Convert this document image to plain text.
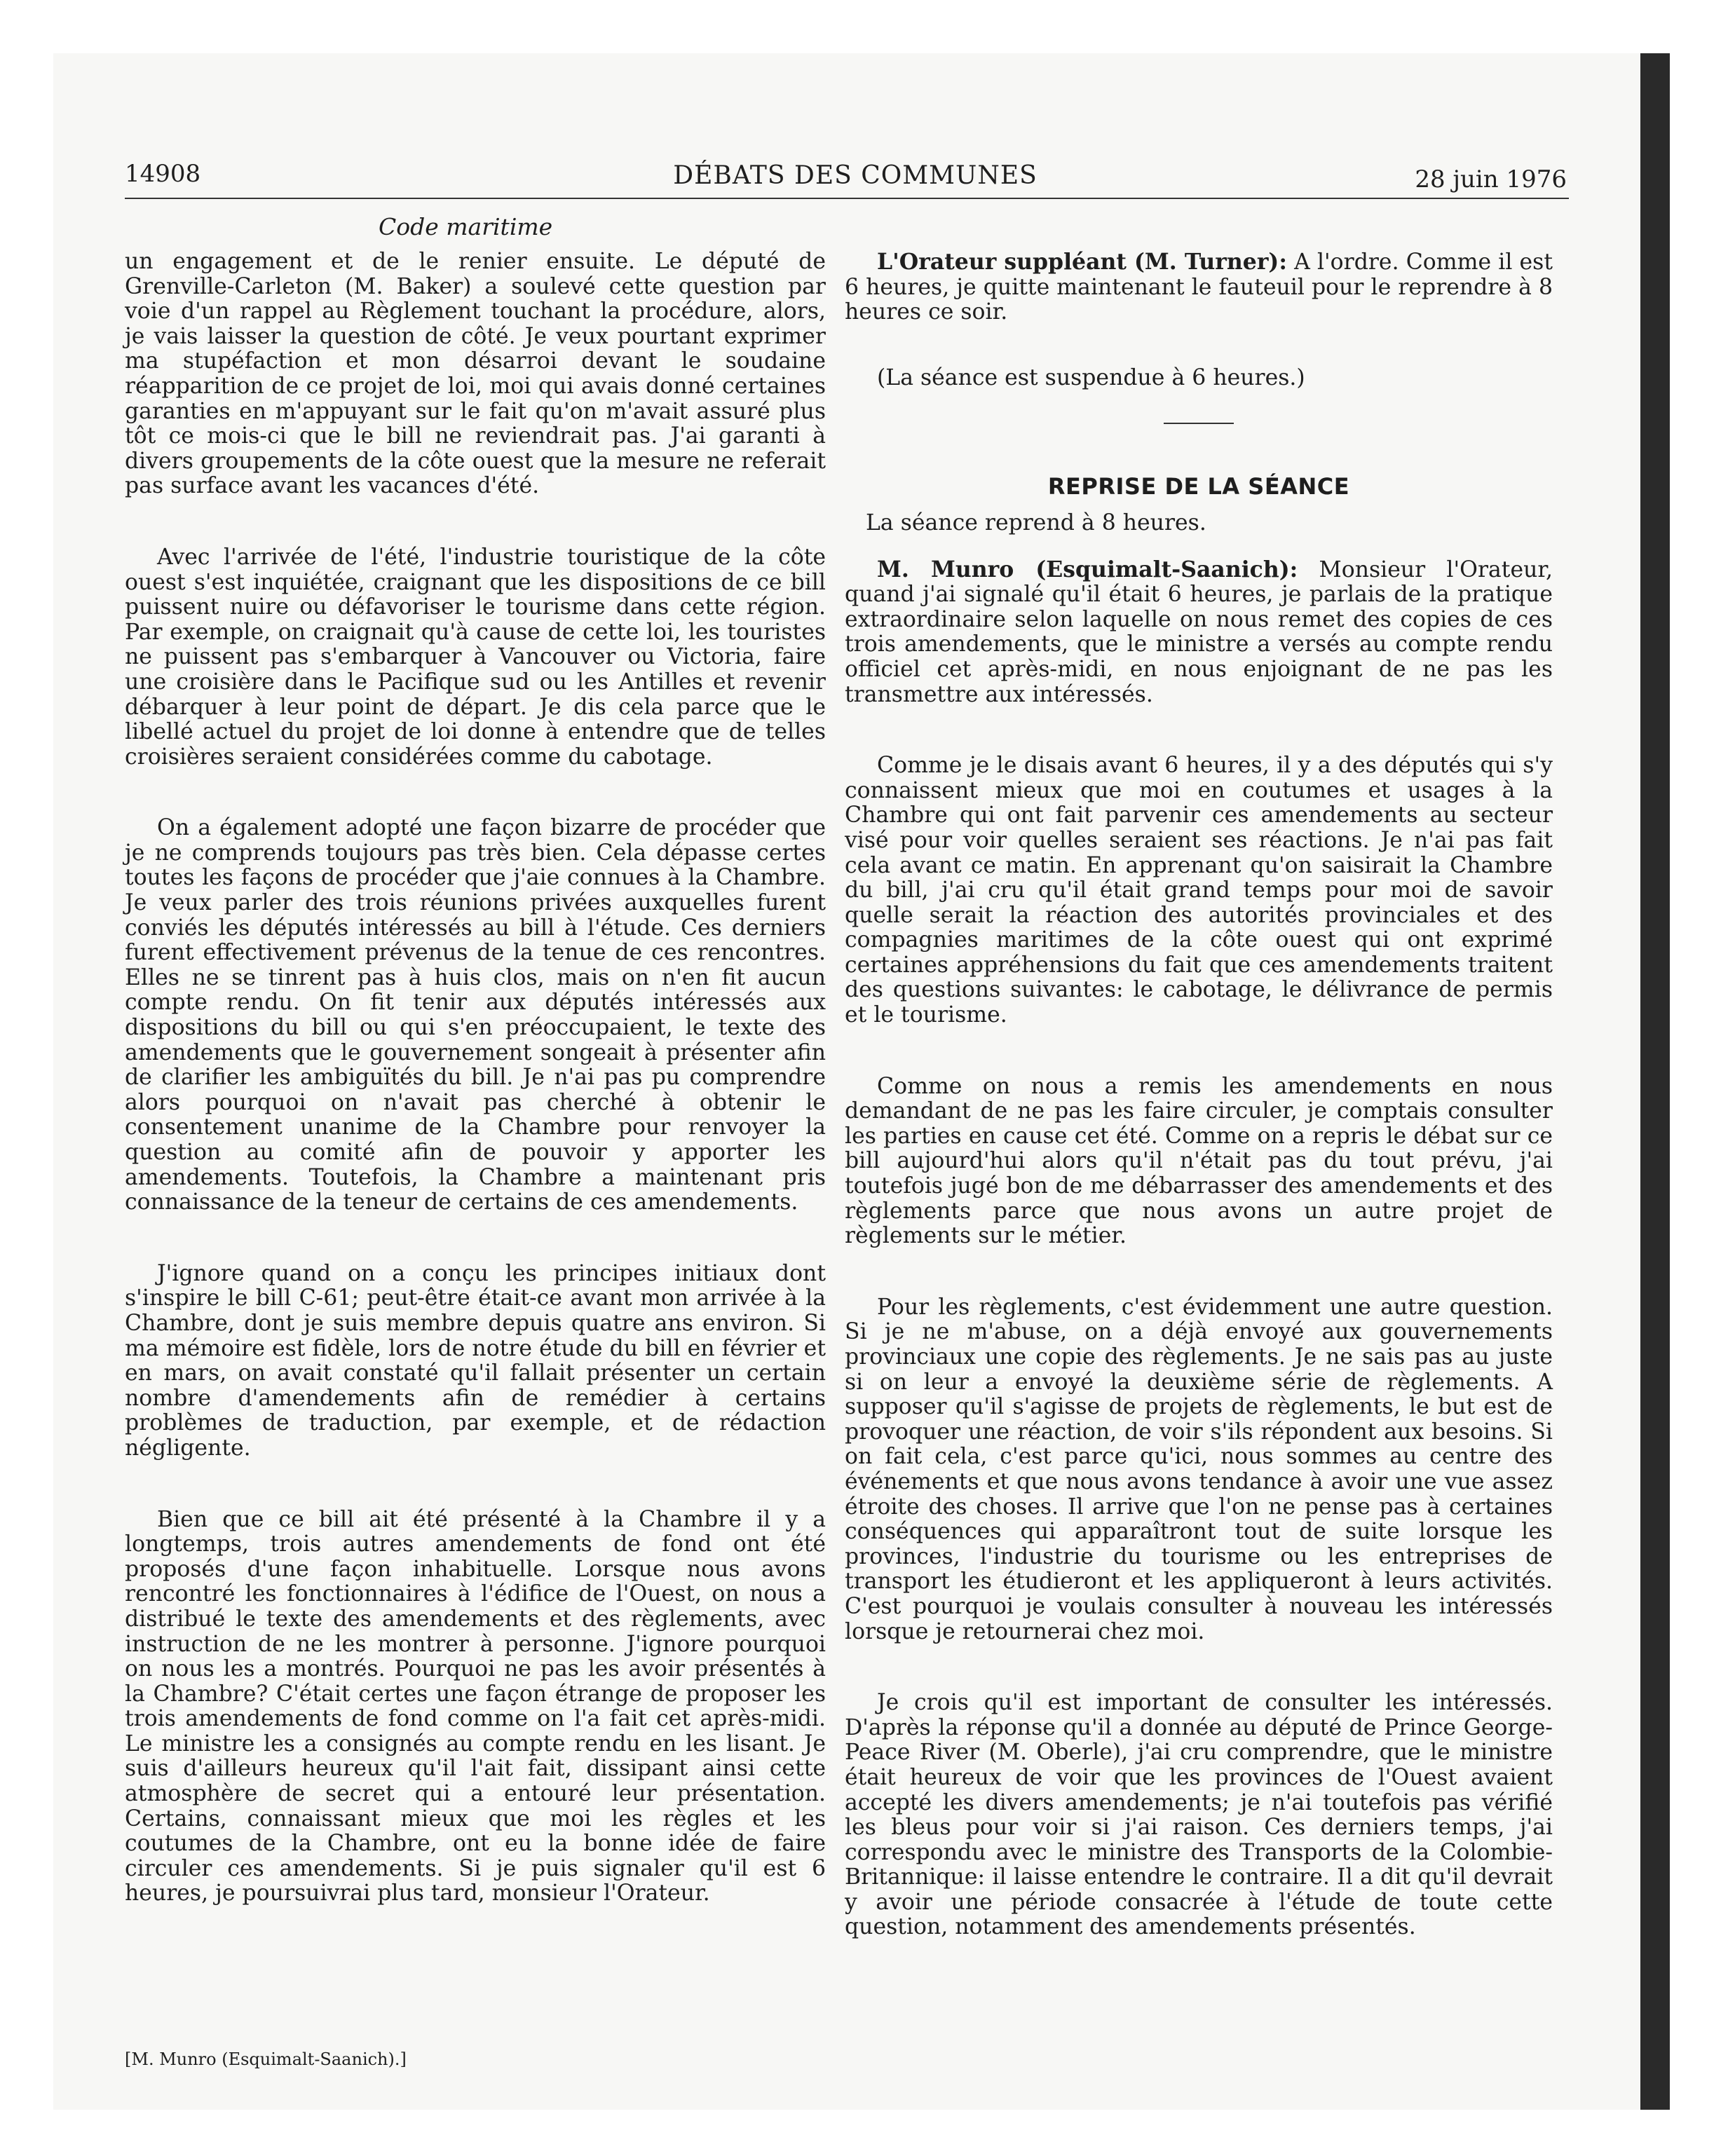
14908	DÉBATS DES COMMUNES	28 juin 1976
Code maritime

un engagement et de le renier ensuite. Le député de Grenville-Carleton (M. Baker) a soulevé cette question par voie d'un rappel au Règlement touchant la procédure, alors, je vais laisser la question de côté. Je veux pourtant exprimer ma stupéfaction et mon désarroi devant le soudaine réapparition de ce projet de loi, moi qui avais donné certaines garanties en m'appuyant sur le fait qu'on m'avait assuré plus tôt ce mois-ci que le bill ne reviendrait pas. J'ai garanti à divers groupements de la côte ouest que la mesure ne referait pas surface avant les vacances d'été.

Avec l'arrivée de l'été, l'industrie touristique de la côte ouest s'est inquiétée, craignant que les dispositions de ce bill puissent nuire ou défavoriser le tourisme dans cette région. Par exemple, on craignait qu'à cause de cette loi, les touristes ne puissent pas s'embarquer à Vancouver ou Victoria, faire une croisière dans le Pacifique sud ou les Antilles et revenir débarquer à leur point de départ. Je dis cela parce que le libellé actuel du projet de loi donne à entendre que de telles croisières seraient considérées comme du cabotage.

On a également adopté une façon bizarre de procéder que je ne comprends toujours pas très bien. Cela dépasse certes toutes les façons de procéder que j'aie connues à la Chambre. Je veux parler des trois réunions privées auxquelles furent conviés les députés intéressés au bill à l'étude. Ces derniers furent effectivement prévenus de la tenue de ces rencontres. Elles ne se tinrent pas à huis clos, mais on n'en fit aucun compte rendu. On fit tenir aux députés intéressés aux dispositions du bill ou qui s'en préoccupaient, le texte des amendements que le gouvernement songeait à présenter afin de clarifier les ambiguïtés du bill. Je n'ai pas pu comprendre alors pourquoi on n'avait pas cherché à obtenir le consentement unanime de la Chambre pour renvoyer la question au comité afin de pouvoir y apporter les amendements. Toutefois, la Chambre a maintenant pris connaissance de la teneur de certains de ces amendements.

J'ignore quand on a conçu les principes initiaux dont s'inspire le bill C-61; peut-être était-ce avant mon arrivée à la Chambre, dont je suis membre depuis quatre ans environ. Si ma mémoire est fidèle, lors de notre étude du bill en février et en mars, on avait constaté qu'il fallait présenter un certain nombre d'amendements afin de remédier à certains problèmes de traduction, par exemple, et de rédaction négligente.

Bien que ce bill ait été présenté à la Chambre il y a longtemps, trois autres amendements de fond ont été proposés d'une façon inhabituelle. Lorsque nous avons rencontré les fonctionnaires à l'édifice de l'Ouest, on nous a distribué le texte des amendements et des règlements, avec instruction de ne les montrer à personne. J'ignore pourquoi on nous les a montrés. Pourquoi ne pas les avoir présentés à la Chambre? C'était certes une façon étrange de proposer les trois amendements de fond comme on l'a fait cet après-midi. Le ministre les a consignés au compte rendu en les lisant. Je suis d'ailleurs heureux qu'il l'ait fait, dissipant ainsi cette atmosphère de secret qui a entouré leur présentation. Certains, connaissant mieux que moi les règles et les coutumes de la Chambre, ont eu la bonne idée de faire circuler ces amendements. Si je puis signaler qu'il est 6 heures, je poursuivrai plus tard, monsieur l'Orateur.

[M. Munro (Esquimalt-Saanich).]

L'Orateur suppléant (M. Turner): A l'ordre. Comme il est 6 heures, je quitte maintenant le fauteuil pour le reprendre à 8 heures ce soir.

(La séance est suspendue à 6 heures.)

REPRISE DE LA SÉANCE

La séance reprend à 8 heures.

M. Munro (Esquimalt-Saanich): Monsieur l'Orateur, quand j'ai signalé qu'il était 6 heures, je parlais de la pratique extraordinaire selon laquelle on nous remet des copies de ces trois amendements, que le ministre a versés au compte rendu officiel cet après-midi, en nous enjoignant de ne pas les transmettre aux intéressés.

Comme je le disais avant 6 heures, il y a des députés qui s'y connaissent mieux que moi en coutumes et usages à la Chambre qui ont fait parvenir ces amendements au secteur visé pour voir quelles seraient ses réactions. Je n'ai pas fait cela avant ce matin. En apprenant qu'on saisirait la Chambre du bill, j'ai cru qu'il était grand temps pour moi de savoir quelle serait la réaction des autorités provinciales et des compagnies maritimes de la côte ouest qui ont exprimé certaines appréhensions du fait que ces amendements traitent des questions suivantes: le cabotage, le délivrance de permis et le tourisme.

Comme on nous a remis les amendements en nous demandant de ne pas les faire circuler, je comptais consulter les parties en cause cet été. Comme on a repris le débat sur ce bill aujourd'hui alors qu'il n'était pas du tout prévu, j'ai toutefois jugé bon de me débarrasser des amendements et des règlements parce que nous avons un autre projet de règlements sur le métier.

Pour les règlements, c'est évidemment une autre question. Si je ne m'abuse, on a déjà envoyé aux gouvernements provinciaux une copie des règlements. Je ne sais pas au juste si on leur a envoyé la deuxième série de règlements. A supposer qu'il s'agisse de projets de règlements, le but est de provoquer une réaction, de voir s'ils répondent aux besoins. Si on fait cela, c'est parce qu'ici, nous sommes au centre des événements et que nous avons tendance à avoir une vue assez étroite des choses. Il arrive que l'on ne pense pas à certaines conséquences qui apparaîtront tout de suite lorsque les provinces, l'industrie du tourisme ou les entreprises de transport les étudieront et les appliqueront à leurs activités. C'est pourquoi je voulais consulter à nouveau les intéressés lorsque je retournerai chez moi.

Je crois qu'il est important de consulter les intéressés. D'après la réponse qu'il a donnée au député de Prince George-Peace River (M. Oberle), j'ai cru comprendre, que le ministre était heureux de voir que les provinces de l'Ouest avaient accepté les divers amendements; je n'ai toutefois pas vérifié les bleus pour voir si j'ai raison. Ces derniers temps, j'ai correspondu avec le ministre des Transports de la Colombie-Britannique: il laisse entendre le contraire. Il a dit qu'il devrait y avoir une période consacrée à l'étude de toute cette question, notamment des amendements présentés.
